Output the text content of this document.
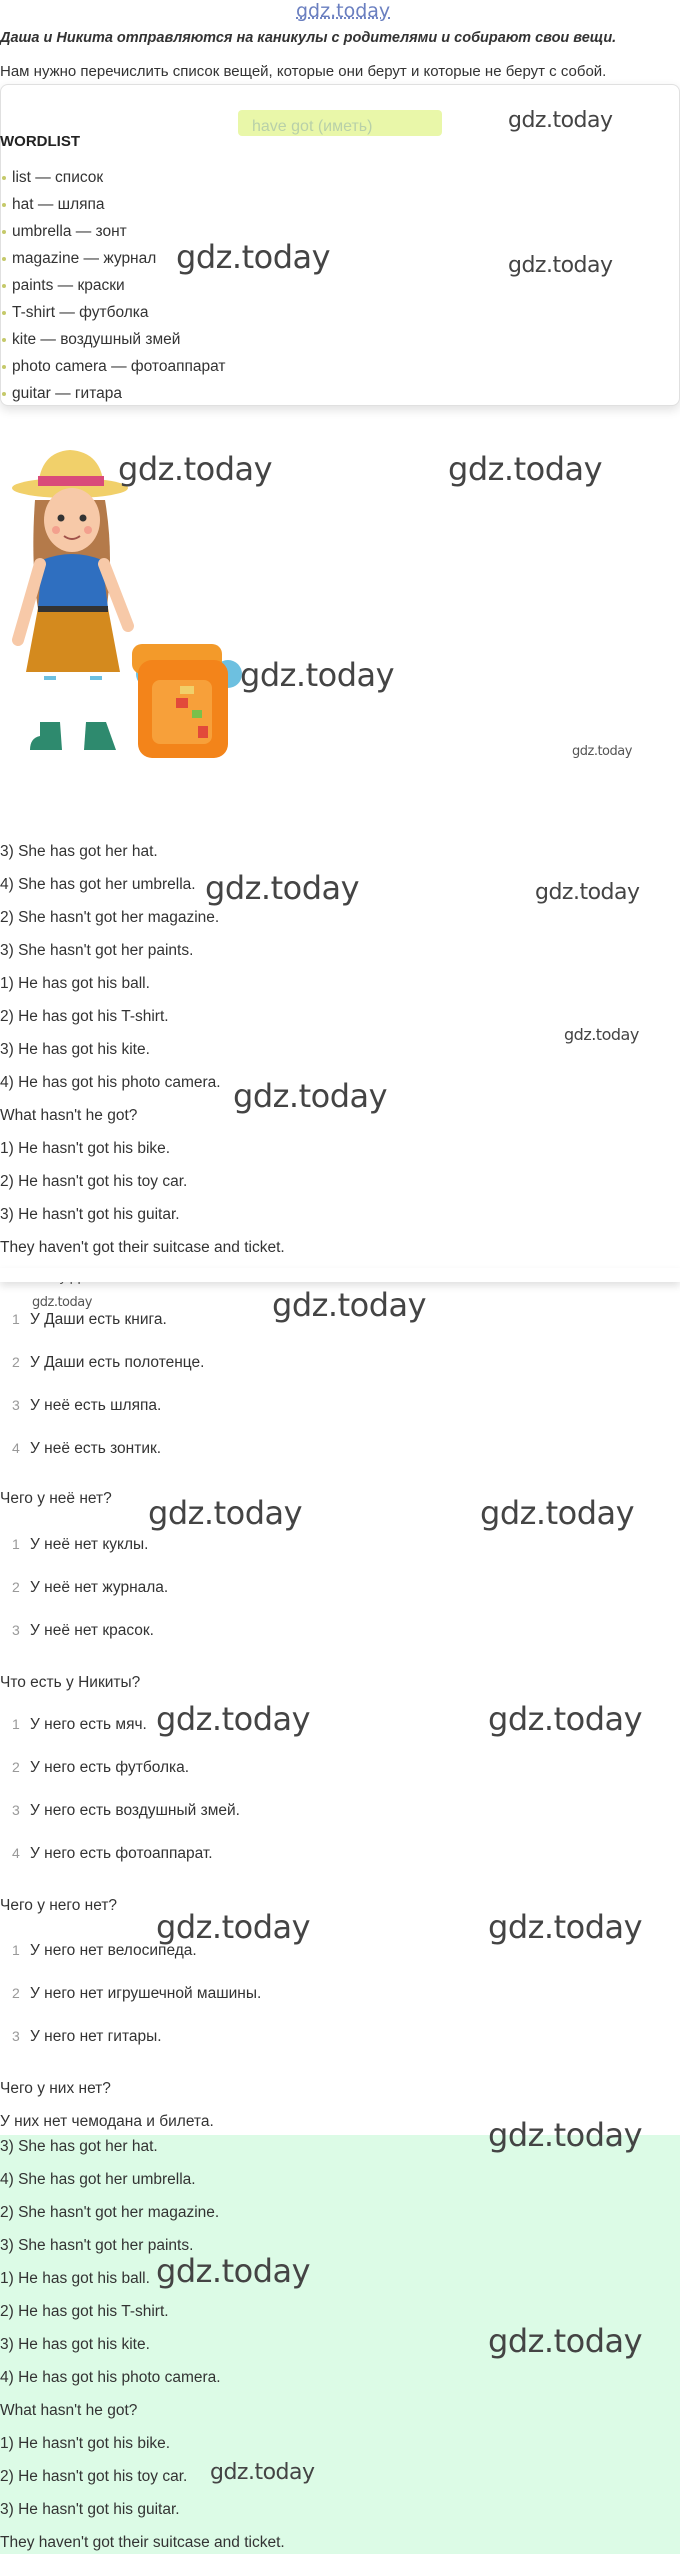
gdz.today
Даша и Никита отправляются на каникулы с родителями и собирают свои вещи.
Нам нужно перечислить список вещей, которые они берут и которые не берут с собой.
have got (иметь)
WORDLIST
list — список
hat — шляпа
umbrella — зонт
magazine — журнал
paints — краски
T-shirt — футболка
kite — воздушный змей
photo camera — фотоаппарат
guitar — гитара
gdz.today
gdz.today	gdz.today
gdz.today	gdz.today
gdz.today
gdz.today
gdz.today	gdz.today
gdz.today
gdz.today
gdz.today
gdz.today
gdz.today	gdz.today
gdz.today	gdz.today
gdz.today	gdz.today
gdz.today
gdz.today
gdz.today
gdz.today
3) She has got her hat.
4) She has got her umbrella.
2) She hasn't got her magazine.
3) She hasn't got her paints.
1) He has got his ball.
2) He has got his T-shirt.
3) He has got his kite.
4) He has got his photo camera.
What hasn't he got?
1) He hasn't got his bike.
2) He hasn't got his toy car.
3) He hasn't got his guitar.
They haven't got their suitcase and ticket.
1 У Даши есть книга.
2 У Даши есть полотенце.
3 У неё есть шляпа.
4 У неё есть зонтик.
Чего у неё нет?
1 У неё нет куклы.
2 У неё нет журнала.
3 У неё нет красок.
Что есть у Никиты?
1 У него есть мяч.
2 У него есть футболка.
3 У него есть воздушный змей.
4 У него есть фотоаппарат.
Чего у него нет?
1 У него нет велосипеда.
2 У него нет игрушечной машины.
3 У него нет гитары.
Чего у них нет?
У них нет чемодана и билета.
3) She has got her hat.
4) She has got her umbrella.
2) She hasn't got her magazine.
3) She hasn't got her paints.
1) He has got his ball.
2) He has got his T-shirt.
3) He has got his kite.
4) He has got his photo camera.
What hasn't he got?
1) He hasn't got his bike.
2) He hasn't got his toy car.
3) He hasn't got his guitar.
They haven't got their suitcase and ticket.
